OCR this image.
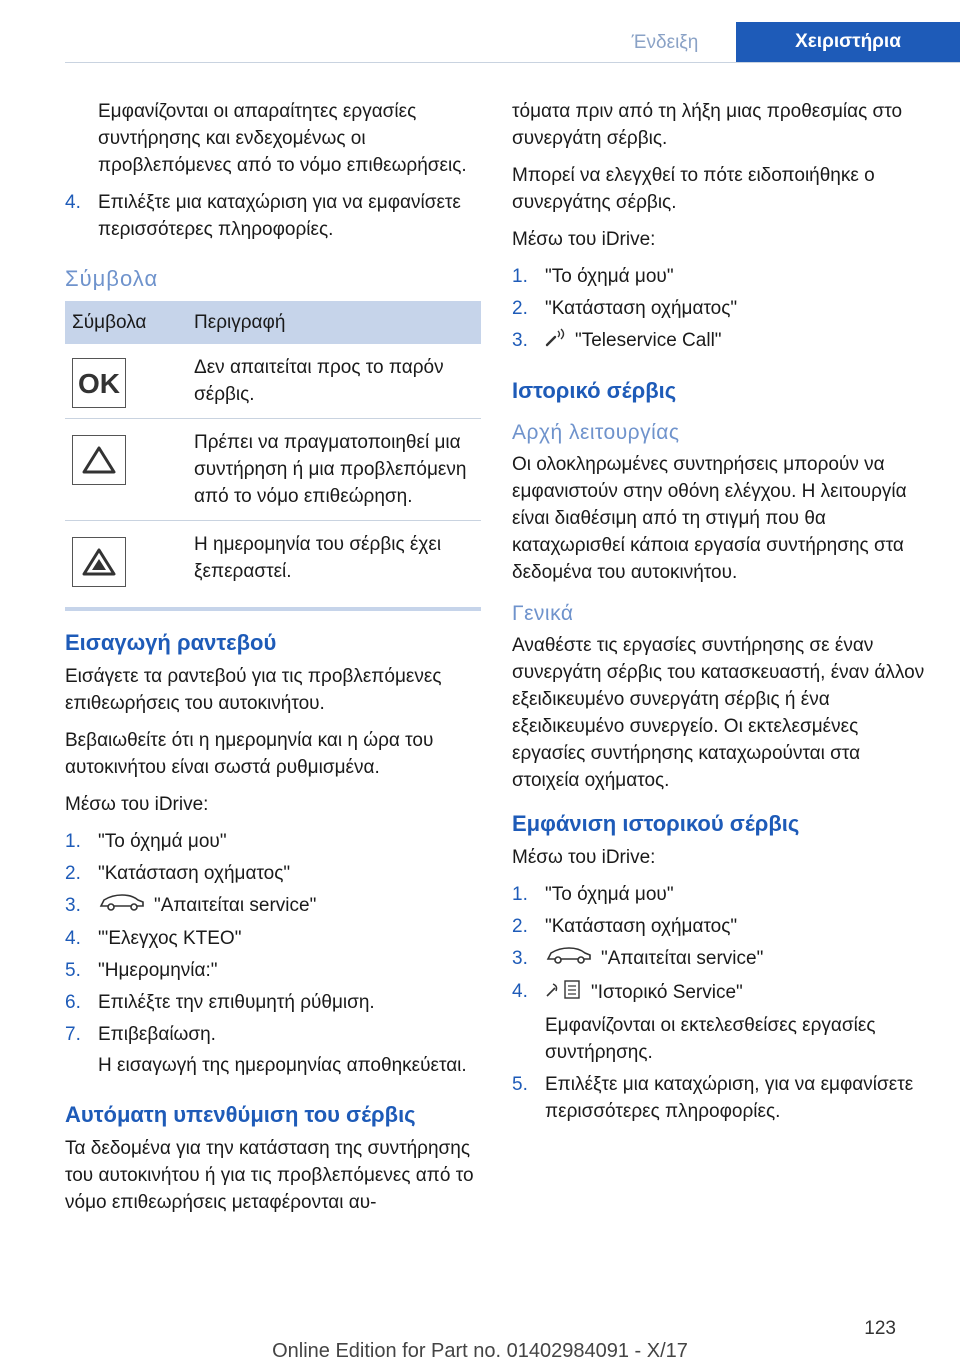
Ένδειξη	Χειριστήρια

Εμφανίζονται οι απαραίτητες εργασίες συντήρησης και ενδεχομένως οι προβλεπόμενες από το νόμο επιθεωρήσεις.

4. Επιλέξτε μια καταχώριση για να εμφανίσετε περισσότερες πληροφορίες.
Σύμβολα
Σύμβολα	Περιγραφή

OK	Δεν απαιτείται προς το παρόν σέρβις.

	Πρέπει να πραγματοποιηθεί μια συντήρηση ή μια προβλεπόμενη από το νόμο επιθεώρηση.

	Η ημερομηνία του σέρβις έχει ξεπεραστεί.
Εισαγωγή ραντεβού

Εισάγετε τα ραντεβού για τις προβλεπόμενες επιθεωρήσεις του αυτοκινήτου.

Βεβαιωθείτε ότι η ημερομηνία και η ώρα του αυτοκινήτου είναι σωστά ρυθμισμένα.

Μέσω του iDrive:

1. "Το όχημά μου"
2. "Κατάσταση οχήματος"
3.	"Απαιτείται service"
4. "'Ελεγχος ΚΤΕΟ"
5. "Ημερομηνία:"
6. Επιλέξτε την επιθυμητή ρύθμιση.
7. Επιβεβαίωση.
Η εισαγωγή της ημερομηνίας αποθηκεύεται.
Αυτόματη υπενθύμιση του σέρβις

Τα δεδομένα για την κατάσταση της συντήρησης του αυτοκινήτου ή για τις προβλεπόμενες από το νόμο επιθεωρήσεις μεταφέρονται αυ-

τόματα πριν από τη λήξη μιας προθεσμίας στο συνεργάτη σέρβις.

Μπορεί να ελεγχθεί το πότε ειδοποιήθηκε ο συνεργάτης σέρβις.

Μέσω του iDrive:

1. "Το όχημά μου"
2. "Κατάσταση οχήματος"
3. "Teleservice Call"
Ιστορικό σέρβις
Αρχή λειτουργίας

Οι ολοκληρωμένες συντηρήσεις μπορούν να εμφανιστούν στην οθόνη ελέγχου. Η λειτουργία είναι διαθέσιμη από τη στιγμή που θα καταχωρισθεί κάποια εργασία συντήρησης στα δεδομένα του αυτοκινήτου.

Γενικά

Αναθέστε τις εργασίες συντήρησης σε έναν συνεργάτη σέρβις του κατασκευαστή, έναν άλλον εξειδικευμένο συνεργάτη σέρβις ή ένα εξειδικευμένο συνεργείο. Οι εκτελεσμένες εργασίες συντήρησης καταχωρούνται στα στοιχεία οχήματος.

Εμφάνιση ιστορικού σέρβις

Μέσω του iDrive:

1. "Το όχημά μου"
2. "Κατάσταση οχήματος"
3.	"Απαιτείται service"
4.	"Ιστορικό Service"
Εμφανίζονται οι εκτελεσθείσες εργασίες συντήρησης.
5. Επιλέξτε μια καταχώριση, για να εμφανίσετε περισσότερες πληροφορίες.
123
Online Edition for Part no. 01402984091 - X/17
